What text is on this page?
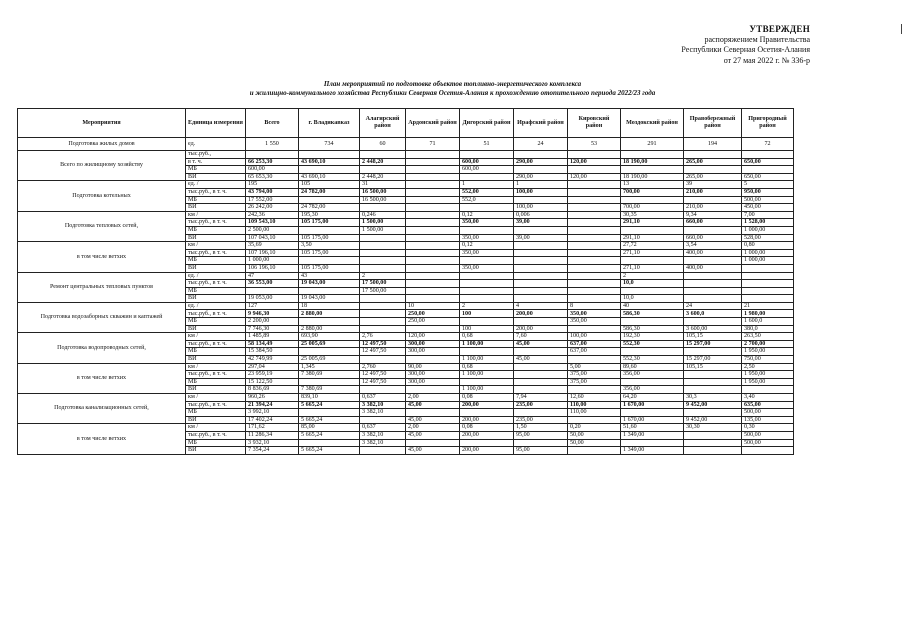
УТВЕРЖДЕН
распоряжением Правительства
Республики Северная Осетия-Алания
от 27 мая 2022 г. № 336-р
План мероприятий по подготовке объектов топливно-энергетического комплекса
и жилищно-коммунального хозяйства Республики Северная Осетия-Алания к прохождению отопительного периода 2022/23 года
Мероприятия	Единица измерения	Всего	г. Владикавказ	Алагирский район	Ардонский район	Дигорский район	Ирафский район	Кировский район	Моздокский район	Правобережный район	Пригородный район
Подготовка жилых домов	ед.	1 550	734	60	71	51	24	53	291	194	72
Всего по жилищному хозяйству	тыс.руб.,										
	в т. ч.	66 253,30	43 690,10	2 448,20		600,00	290,00	120,00	18 190,00	265,00	650,00
	МБ	600,00				600,00					
	ВИ	65 653,30	43 690,10	2 448,20			290,00	120,00	18 190,00	265,00	650,00
Подготовка котельных	ед. /	195	105	31		1	1		13	39	5
	тыс.руб., в т. ч.	43 794,00	24 782,00	16 500,00		552,00	100,00		700,00	210,00	950,00
	МБ	17 552,00		16 500,00		552,0					500,00
	ВИ	26 242,00	24 782,00				100,00		700,00	210,00	450,00
Подготовка тепловых сетей,	км /	242,36	195,30	0,246		0,12	0,006		30,35	9,34	7,00
	тыс.руб., в т. ч.	109 543,10	105 175,00	1 500,00		350,00	39,00		291,10	660,00	1 528,00
	МБ	2 500,00		1 500,00							1 000,00
	ВИ	107 043,10	105 175,00			350,00	39,00		291,10	660,00	528,00
в том числе ветхих	км /	35,69	3,50			0,12			27,72	3,54	0,80
	тыс.руб., в т. ч.	107 196,10	105 175,00			350,00			271,10	400,00	1 000,00
	МБ	1 000,00									1 000,00
	ВИ	106 196,10	105 175,00			350,00			271,10	400,00	
Ремонт центральных тепловых пунктов	ед. /	47	43	2					2		
	тыс.руб., в т. ч.	36 553,00	19 043,00	17 500,00					10,0		
	МБ			17 500,00							
	ВИ	19 053,00	19 043,00						10,0		
Подготовка водозаборных скважин и каптажей	ед. /	127	18		10	2	4	8	40	24	21
	тыс.руб., в т. ч.	9 946,30	2 880,00		250,00	100	200,00	350,00	586,30	3 600,0	1 980,00
	МБ	2 200,00			250,00			350,00			1 600,0
	ВИ	7 746,30	2 880,00			100	200,00		586,30	3 600,00	380,0
Подготовка водопроводных сетей,	км /	1 485,89	693,90	2,76	120,00	0,68	7,60	100,00	192,30	105,15	263,50
	тыс.руб., в т. ч.	58 134,49	25 005,69	12 497,50	300,00	1 100,00	45,00	637,00	552,30	15 297,00	2 700,00
	МБ	15 384,50		12 497,50	300,00			637,00			1 950,00
	ВИ	42 749,99	25 005,69			1 100,00	45,00		552,30	15 297,00	750,00
в том числе ветхих	км /	297,04	1,345	2,760	90,00	0,68		5,00	89,60	105,15	2,50
	тыс.руб., в т. ч.	23 959,19	7 380,69	12 497,50	300,00	1 100,00		375,00	356,00		1 950,00
	МБ	15 122,50		12 497,50	300,00			375,00			1 950,00
	ВИ	8 836,69	7 380,69			1 100,00			356,00		
Подготовка канализационных сетей,	км /	960,26	839,10	0,637	2,00	0,08	7,94	12,60	64,20	30,3	3,40
	тыс.руб., в т. ч.	21 394,24	5 665,24	3 382,10	45,00	200,00	235,00	110,00	1 670,00	9 452,00	635,00
	МБ	3 992,10		3 382,10				110,00			500,00
	ВИ	17 402,24	5 665,24		45,00	200,00	235,00		1 670,00	9 452,00	135,00
в том числе ветхих	км /	171,62	85,00	0,637	2,00	0,08	1,50	0,20	51,60	30,30	0,30
	тыс.руб., в т. ч.	11 286,34	5 665,24	3 382,10	45,00	200,00	95,00	50,00	1 349,00		500,00
	МБ	3 932,10		3 382,10				50,00			500,00
	ВИ	7 354,24	5 665,24		45,00	200,00	95,00		1 349,00		
